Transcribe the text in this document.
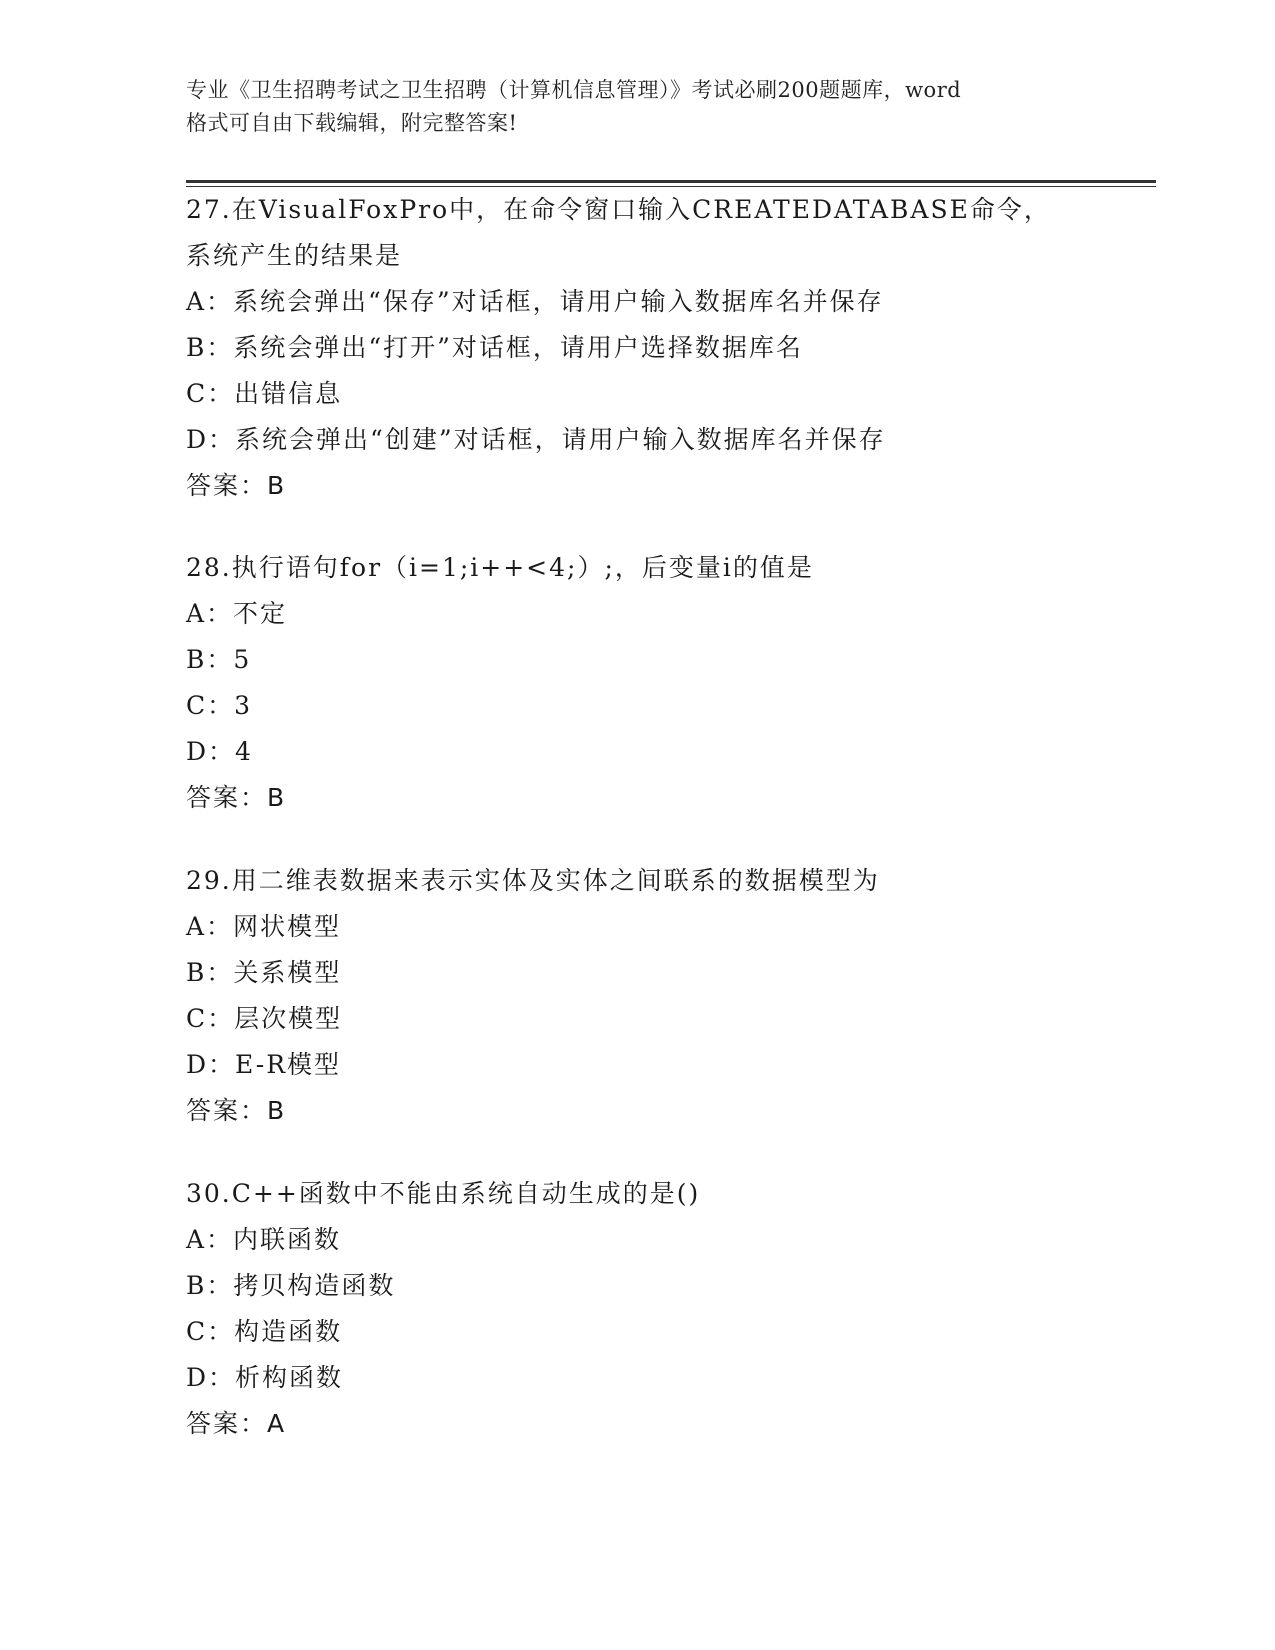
专业《卫生招聘考试之卫生招聘（计算机信息管理）》考试必刷200题题库，word
格式可自由下载编辑，附完整答案!
27.在VisualFoxPro中，在命令窗口输入CREATEDATABASE命令，系统产生的结果是
A：系统会弹出“保存”对话框，请用户输入数据库名并保存
B：系统会弹出“打开”对话框，请用户选择数据库名
C：出错信息
D：系统会弹出“创建”对话框，请用户输入数据库名并保存
答案：B
28.执行语句for（i=1;i++<4;）;，后变量i的值是
A：不定
B：5
C：3
D：4
答案：B
29.用二维表数据来表示实体及实体之间联系的数据模型为
A：网状模型
B：关系模型
C：层次模型
D：E-R模型
答案：B
30.C++函数中不能由系统自动生成的是()
A：内联函数
B：拷贝构造函数
C：构造函数
D：析构函数
答案：A
